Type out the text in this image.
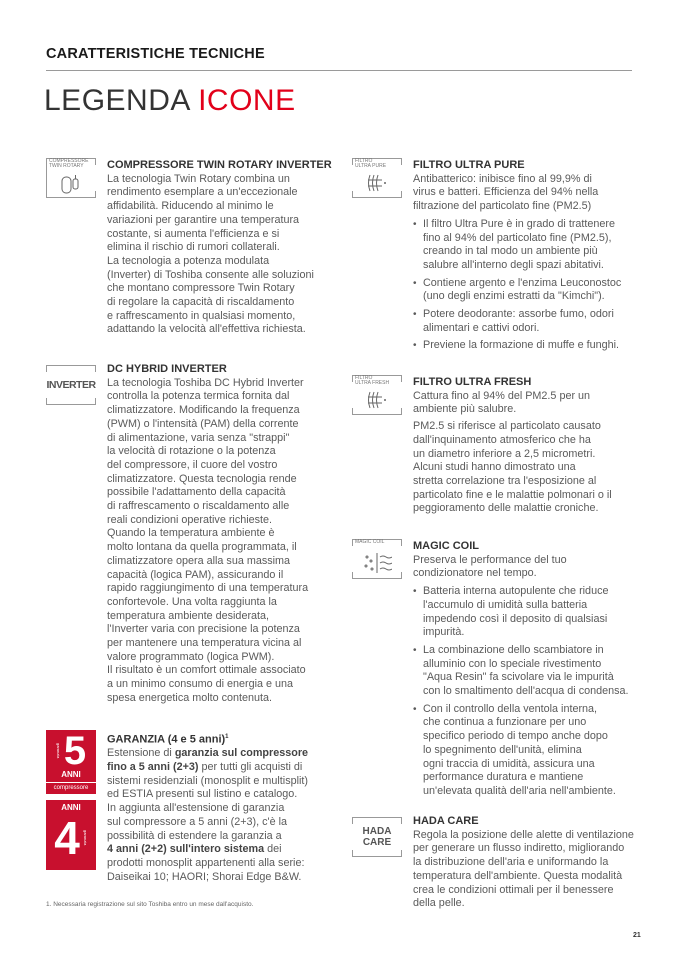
CARATTERISTICHE TECNICHE
LEGENDA ICONE
COMPRESSORE
TWIN ROTARY	COMPRESSORE TWIN ROTARY INVERTER
La tecnologia Twin Rotary combina un
rendimento esemplare a un'eccezionale
affidabilità. Riducendo al minimo le
variazioni per garantire una temperatura
costante, si aumenta l'efficienza e si
elimina il rischio di rumori collaterali.
La tecnologia a potenza modulata
(Inverter) di Toshiba consente alle soluzioni
che montano compressore Twin Rotary
di regolare la capacità di riscaldamento
e raffrescamento in qualsiasi momento,
adattando la velocità all'effettiva richiesta.
INVERTER
DC HYBRID INVERTER
La tecnologia Toshiba DC Hybrid Inverter
controlla la potenza termica fornita dal
climatizzatore. Modificando la frequenza
(PWM) o l'intensità (PAM) della corrente
di alimentazione, varia senza "strappi"
la velocità di rotazione o la potenza
del compressore, il cuore del vostro
climatizzatore. Questa tecnologia rende
possibile l'adattamento della capacità
di raffrescamento o riscaldamento alle
reali condizioni operative richieste.
Quando la temperatura ambiente è
molto lontana da quella programmata, il
climatizzatore opera alla sua massima
capacità (logica PAM), assicurando il
rapido raggiungimento di una temperatura
confortevole. Una volta raggiunta la
temperatura ambiente desiderata,
l'Inverter varia con precisione la potenza
per mantenere una temperatura vicina al
valore programmato (logica PWM).
Il risultato è un comfort ottimale associato
a un minimo consumo di energia e una
spesa energetica molto contenuta.
garanzia 5
ANNI
compressore
ANNI
4 garanzia
GARANZIA (4 e 5 anni)$^1$
Estensione di garanzia sul compressore
fino a 5 anni (2+3) per tutti gli acquisti di
sistemi residenziali (monosplit e multisplit)
ed ESTIA presenti sul listino e catalogo.
In aggiunta all'estensione di garanzia
sul compressore a 5 anni (2+3), c'è la
possibilità di estendere la garanzia a
4 anni (2+2) sull'intero sistema dei
prodotti monosplit appartenenti alla serie:
Daiseikai 10; HAORI; Shorai Edge B&W.
1. Necessaria registrazione sul sito Toshiba entro un mese dall'acquisto.
FILTRO
ULTRA PURE FILTRO ULTRA PURE
Antibatterico: inibisce fino al 99,9% di
virus e batteri. Efficienza del 94% nella
filtrazione del particolato fine (PM2.5)
• Il filtro Ultra Pure è in grado di trattenere
fino al 94% del particolato fine (PM2.5),
creando in tal modo un ambiente più
salubre all'interno degli spazi abitativi.
• Contiene argento e l'enzima Leuconostoc
(uno degli enzimi estratti da "Kimchi").
• Potere deodorante: assorbe fumo, odori
alimentari e cattivi odori.
• Previene la formazione di muffe e funghi.
FILTRO
ULTRA FRESH FILTRO ULTRA FRESH
Cattura fino al 94% del PM2.5 per un
ambiente più salubre.
PM2.5 si riferisce al particolato causato
dall'inquinamento atmosferico che ha
un diametro inferiore a 2,5 micrometri.
Alcuni studi hanno dimostrato una
stretta correlazione tra l'esposizione al
particolato fine e le malattie polmonari o il
peggioramento delle malattie croniche.
MAGIC COIL	MAGIC COIL
Preserva le performance del tuo
condizionatore nel tempo.
• Batteria interna autopulente che riduce
l'accumulo di umidità sulla batteria
impedendo così il deposito di qualsiasi
impurità.
• La combinazione dello scambiatore in
alluminio con lo speciale rivestimento
"Aqua Resin" fa scivolare via le impurità
con lo smaltimento dell'acqua di condensa.
• Con il controllo della ventola interna,
che continua a funzionare per uno
specifico periodo di tempo anche dopo
lo spegnimento dell'unità, elimina
ogni traccia di umidità, assicura una
performance duratura e mantiene
un'elevata qualità dell'aria nell'ambiente.
HADA
CARE
HADA CARE
Regola la posizione delle alette di ventilazione
per generare un flusso indiretto, migliorando
la distribuzione dell'aria e uniformando la
temperatura dell'ambiente. Questa modalità
crea le condizioni ottimali per il benessere
della pelle.
21
